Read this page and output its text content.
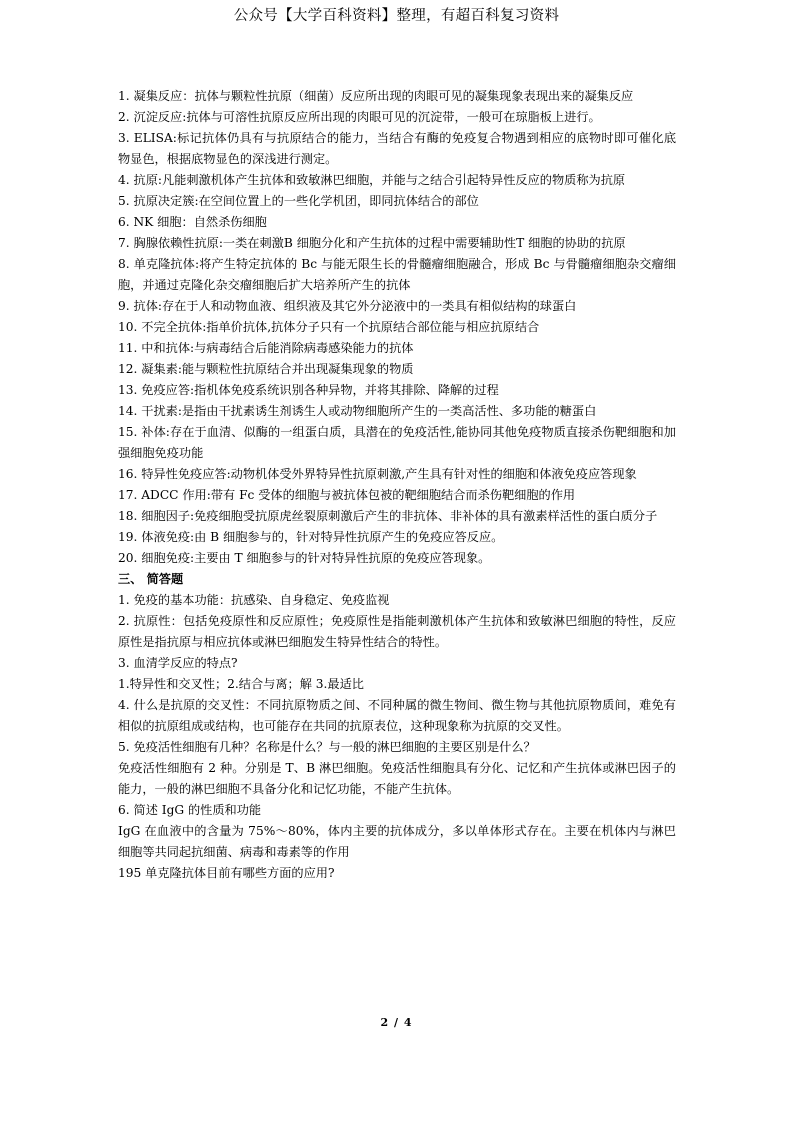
公众号【大学百科资料】整理，有超百科复习资料

1. 凝集反应：抗体与颗粒性抗原（细菌）反应所出现的肉眼可见的凝集现象表现出来的凝集反应

2. 沉淀反应:抗体与可溶性抗原反应所出现的肉眼可见的沉淀带，一般可在琼脂板上进行。

3. ELISA:标记抗体仍具有与抗原结合的能力，当结合有酶的免疫复合物遇到相应的底物时即可催化底物显色，根据底物显色的深浅进行测定。

4. 抗原:凡能刺激机体产生抗体和致敏淋巴细胞，并能与之结合引起特异性反应的物质称为抗原

5. 抗原决定簇:在空间位置上的一些化学机团，即同抗体结合的部位

6. NK 细胞：自然杀伤细胞

7. 胸腺依赖性抗原:一类在刺激B 细胞分化和产生抗体的过程中需要辅助性T 细胞的协助的抗原

8. 单克隆抗体:将产生特定抗体的 Bc 与能无限生长的骨髓瘤细胞融合，形成 Bc 与骨髓瘤细胞杂交瘤细胞，并通过克隆化杂交瘤细胞后扩大培养所产生的抗体

9. 抗体:存在于人和动物血液、组织液及其它外分泌液中的一类具有相似结构的球蛋白

10. 不完全抗体:指单价抗体,抗体分子只有一个抗原结合部位能与相应抗原结合

11. 中和抗体:与病毒结合后能消除病毒感染能力的抗体

12. 凝集素:能与颗粒性抗原结合并出现凝集现象的物质

13. 免疫应答:指机体免疫系统识别各种异物，并将其排除、降解的过程

14. 干扰素:是指由干扰素诱生剂诱生人或动物细胞所产生的一类高活性、多功能的糖蛋白

15. 补体:存在于血清、似酶的一组蛋白质，具潜在的免疫活性,能协同其他免疫物质直接杀伤靶细胞和加强细胞免疫功能

16. 特异性免疫应答:动物机体受外界特异性抗原刺激,产生具有针对性的细胞和体液免疫应答现象

17. ADCC 作用:带有 Fc 受体的细胞与被抗体包被的靶细胞结合而杀伤靶细胞的作用

18. 细胞因子:免疫细胞受抗原虎丝裂原刺激后产生的非抗体、非补体的具有激素样活性的蛋白质分子

19. 体液免疫:由 B 细胞参与的，针对特异性抗原产生的免疫应答反应。

20. 细胞免疫:主要由 T 细胞参与的针对特异性抗原的免疫应答现象。

三、 简答题

1. 免疫的基本功能：抗感染、自身稳定、免疫监视

2. 抗原性：包括免疫原性和反应原性；免疫原性是指能刺激机体产生抗体和致敏淋巴细胞的特性，反应原性是指抗原与相应抗体或淋巴细胞发生特异性结合的特性。

3. 血清学反应的特点?

1.特异性和交叉性；2.结合与离；解 3.最适比

4. 什么是抗原的交叉性：不同抗原物质之间、不同种属的微生物间、微生物与其他抗原物质间，难免有相似的抗原组成或结构，也可能存在共同的抗原表位，这种现象称为抗原的交叉性。

5. 免疫活性细胞有几种？名称是什么？与一般的淋巴细胞的主要区别是什么？

免疫活性细胞有 2 种。分别是 T、B 淋巴细胞。免疫活性细胞具有分化、记忆和产生抗体或淋巴因子的能力，一般的淋巴细胞不具备分化和记忆功能，不能产生抗体。

6. 简述 IgG 的性质和功能

IgG 在血液中的含量为 75%～80%，体内主要的抗体成分，多以单体形式存在。主要在机体内与淋巴细胞等共同起抗细菌、病毒和毒素等的作用

195 单克隆抗体目前有哪些方面的应用?

2 / 4
